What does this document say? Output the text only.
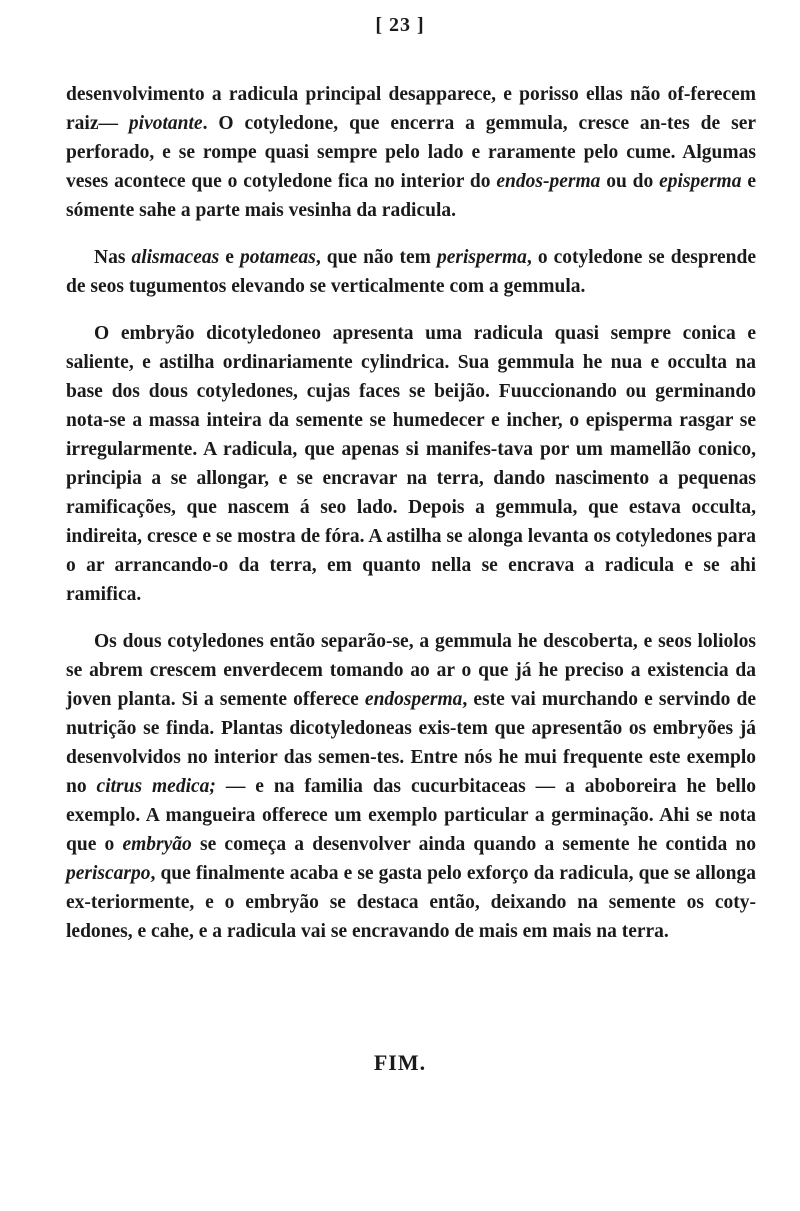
[ 23 ]

desenvolvimento a radicula principal desapparece, e porisso ellas não of-ferecem raiz— pivotante. O cotyledone, que encerra a gemmula, cresce an-tes de ser perforado, e se rompe quasi sempre pelo lado e raramente pelo cume. Algumas veses acontece que o cotyledone fica no interior do endos-perma ou do episperma e sómente sahe a parte mais vesinha da radicula.

Nas alismaceas e potameas, que não tem perisperma, o cotyledone se desprende de seos tugumentos elevando se verticalmente com a gemmula.

O embryão dicotyledoneo apresenta uma radicula quasi sempre conica e saliente, e astilha ordinariamente cylindrica. Sua gemmula he nua e occulta na base dos dous cotyledones, cujas faces se beijão. Fuuccionando ou germinando nota-se a massa inteira da semente se humedecer e incher, o episperma rasgar se irregularmente. A radicula, que apenas si manifes-tava por um mamellão conico, principia a se allongar, e se encravar na terra, dando nascimento a pequenas ramificações, que nascem á seo lado. Depois a gemmula, que estava occulta, indireita, cresce e se mostra de fóra. A astilha se alonga levanta os cotyledones para o ar arrancando-o da terra, em quanto nella se encrava a radicula e se ahi ramifica.

Os dous cotyledones então separão-se, a gemmula he descoberta, e seos loliolos se abrem crescem enverdecem tomando ao ar o que já he preciso a existencia da joven planta. Si a semente offerece endosperma, este vai murchando e servindo de nutrição se finda. Plantas dicotyledoneas exis-tem que apresentão os embryões já desenvolvidos no interior das semen-tes. Entre nós he mui frequente este exemplo no citrus medica; — e na familia das cucurbitaceas — a aboboreira he bello exemplo. A mangueira offerece um exemplo particular a germinação. Ahi se nota que o embryão se começa a desenvolver ainda quando a semente he contida no periscarpo, que finalmente acaba e se gasta pelo exforço da radicula, que se allonga ex-teriormente, e o embryão se destaca então, deixando na semente os coty-ledones, e cahe, e a radicula vai se encravando de mais em mais na terra.

FIM.
